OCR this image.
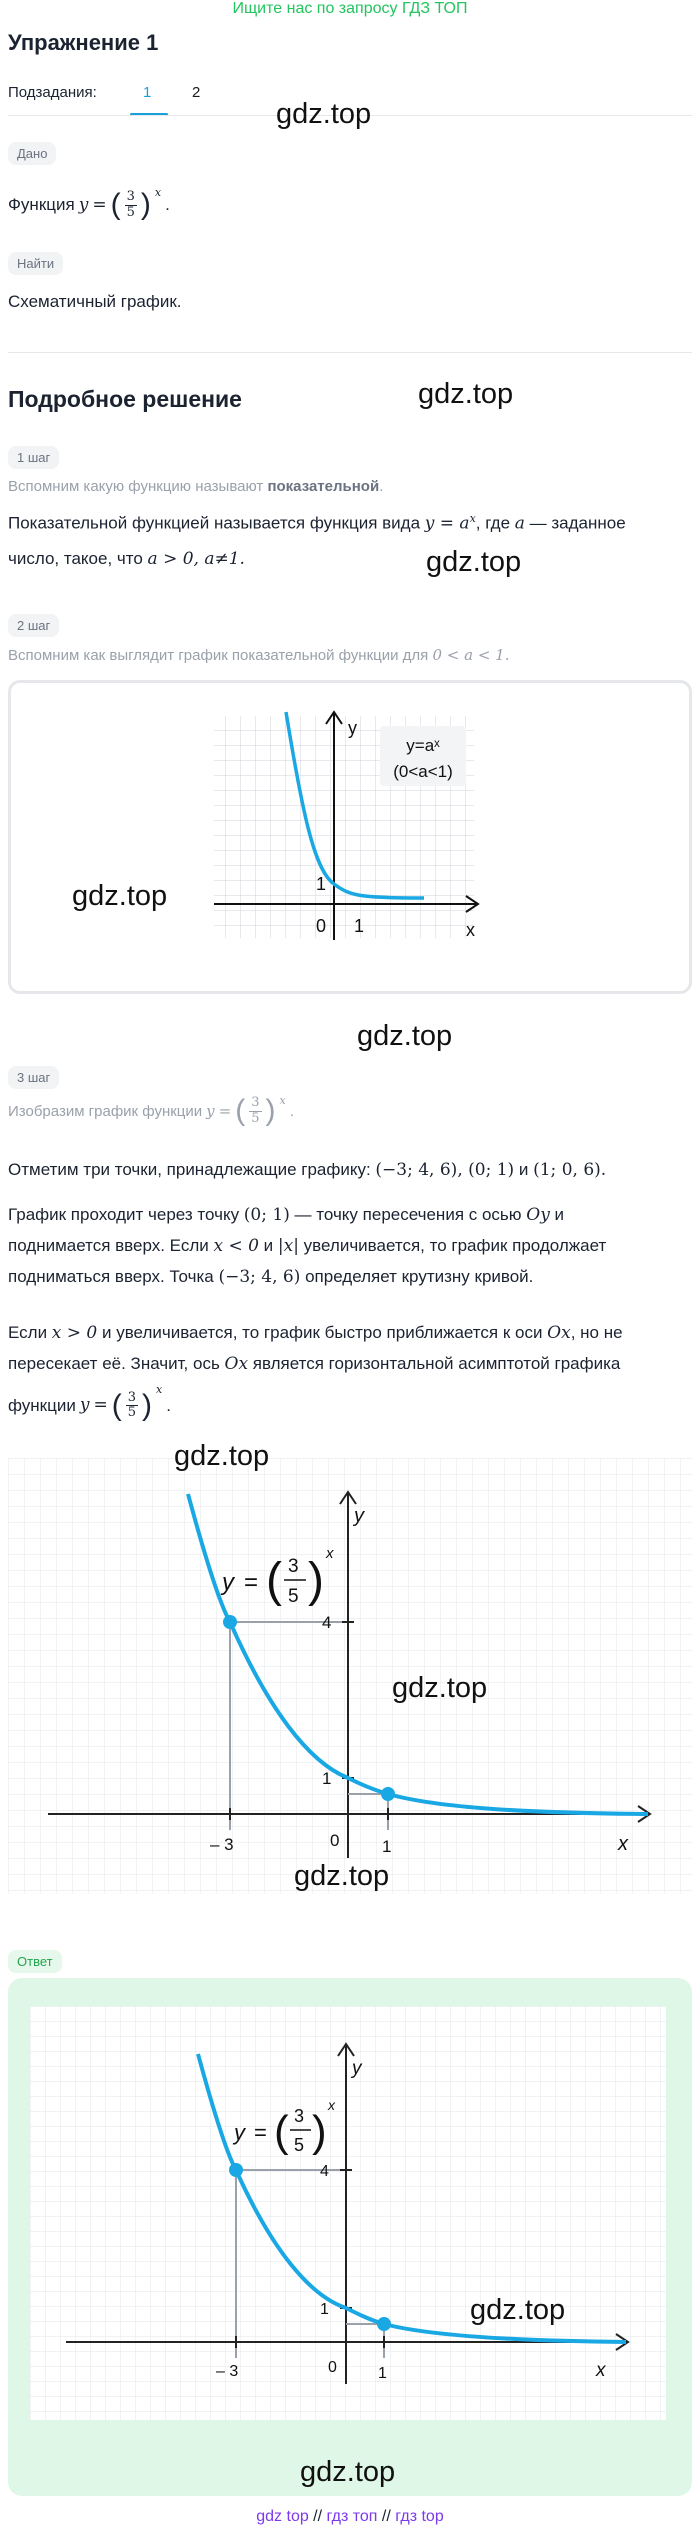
Ищите нас по запросу ГДЗ ТОП
Упражнение 1
Подзадания:	1	2
gdz.top
Дано
Функция y = ( $\frac{3}{5}$ ) $^x$
.
Найти
Схематичный график.
Подробное решение	gdz.top
1 шаг
Вспомним какую функцию называют показательной.
Показательной функцией называется функция вида $y = a^x$, где a — заданное
число, такое, что a > 0, a≠1.	gdz.top
2 шаг
Вспомним как выглядит график показательной функции для 0 < a < 1.
gdz.top
y=aˣ
(0<a<1)
y
x
0 1
1
gdz.top
3 шаг
Изобразим график функции y = ( $\frac{3}{5}$ ) $^x$
.
Отметим три точки, принадлежащие графику: (−3; 4, 6), (0; 1) и (1; 0, 6).
График проходит через точку (0; 1) — точку пересечения с осью Oy и
поднимается вверх. Если x < 0 и |x| увеличивается, то график продолжает
подниматься вверх. Точка (−3; 4, 6) определяет крутизну кривой.
Если x > 0 и увеличивается, то график быстро приближается к оси Ox, но не
пересекает её. Значит, ось Ox является горизонтальной асимптотой графика
функции y = ( $\frac{3}{5}$ ) $^x$
.
y
x
4
1
– 3	0	1
y = ( 3
5 )
x
gdz.top
gdz.top
gdz.top
Ответ
y
x
4
1
– 3	0	1
y = ( 3
5 )
x
gdz.top
gdz.top
gdz top // гдз топ // гдз top
